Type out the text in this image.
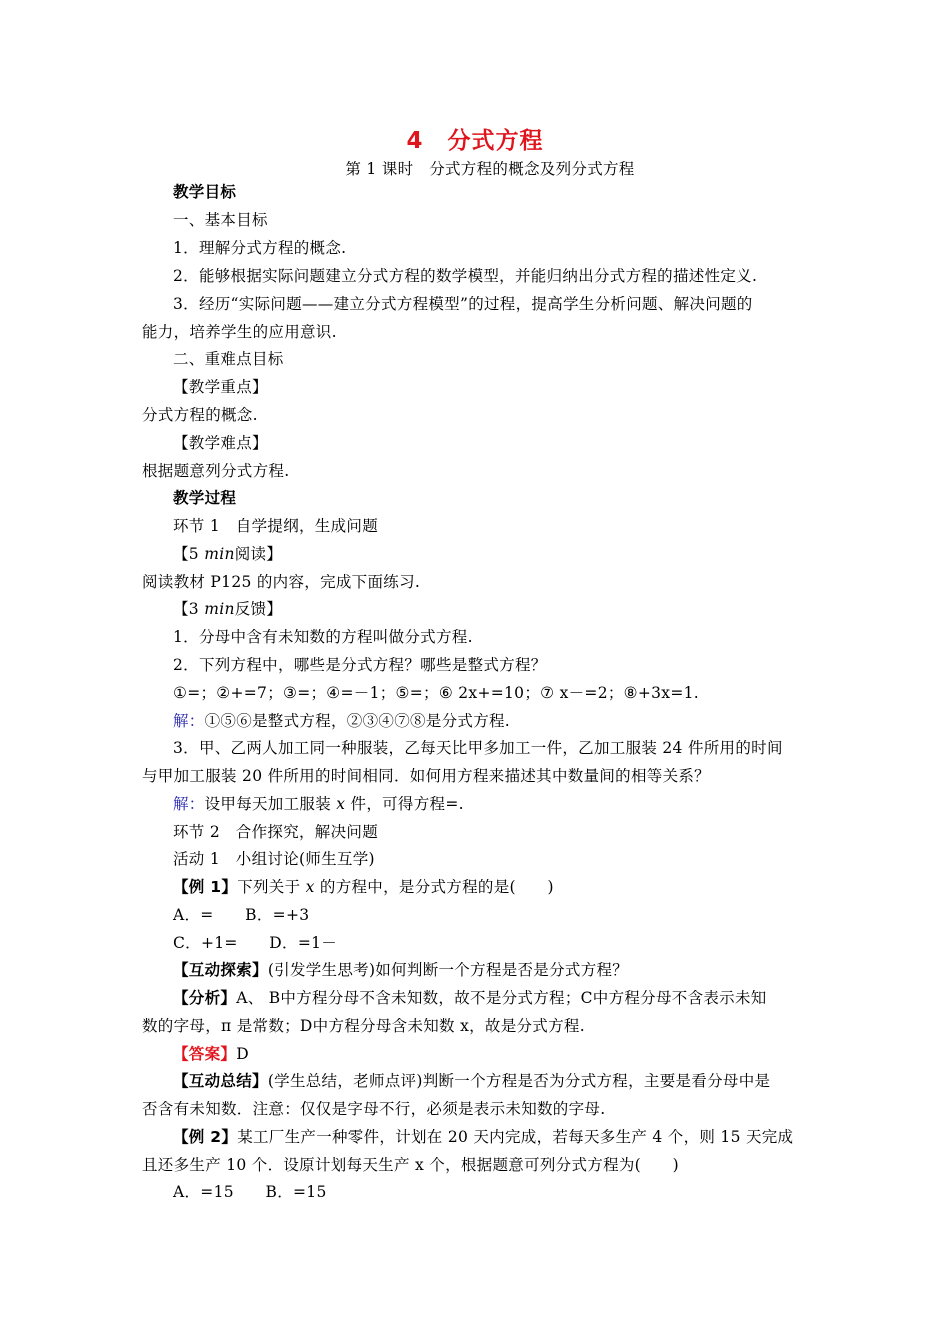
4　分式方程
第 1 课时　分式方程的概念及列分式方程
教学目标
一、基本目标
1．理解分式方程的概念.
2．能够根据实际问题建立分式方程的数学模型，并能归纳出分式方程的描述性定义.
3．经历“实际问题——建立分式方程模型”的过程，提高学生分析问题、解决问题的
能力，培养学生的应用意识.
二、重难点目标
【教学重点】
分式方程的概念.
【教学难点】
根据题意列分式方程.
教学过程
环节 1　自学提纲，生成问题
【5 min阅读】
阅读教材 P125 的内容，完成下面练习.
【3 min反馈】
1．分母中含有未知数的方程叫做分式方程.
2．下列方程中，哪些是分式方程？哪些是整式方程？
①=；②+=7；③=；④=－1；⑤=；⑥ 2x+=10；⑦ x－=2；⑧+3x=1.
解：①⑤⑥是整式方程，②③④⑦⑧是分式方程.
3．甲、乙两人加工同一种服装，乙每天比甲多加工一件，乙加工服装 24 件所用的时间
与甲加工服装 20 件所用的时间相同．如何用方程来描述其中数量间的相等关系？
解：设甲每天加工服装 x 件，可得方程=.
环节 2　合作探究，解决问题
活动 1　小组讨论(师生互学)
【例 1】下列关于 x 的方程中，是分式方程的是(　　)
A．=　　B．=+3
C．+1=　　D．=1－
【互动探索】(引发学生思考)如何判断一个方程是否是分式方程？
【分析】A、 B中方程分母不含未知数，故不是分式方程；C中方程分母不含表示未知
数的字母，π 是常数；D中方程分母含未知数 x，故是分式方程.
【答案】D
【互动总结】(学生总结，老师点评)判断一个方程是否为分式方程，主要是看分母中是
否含有未知数．注意：仅仅是字母不行，必须是表示未知数的字母.
【例 2】某工厂生产一种零件，计划在 20 天内完成，若每天多生产 4 个，则 15 天完成
且还多生产 10 个．设原计划每天生产 x 个，根据题意可列分式方程为(　　)
A．=15　　B．=15
